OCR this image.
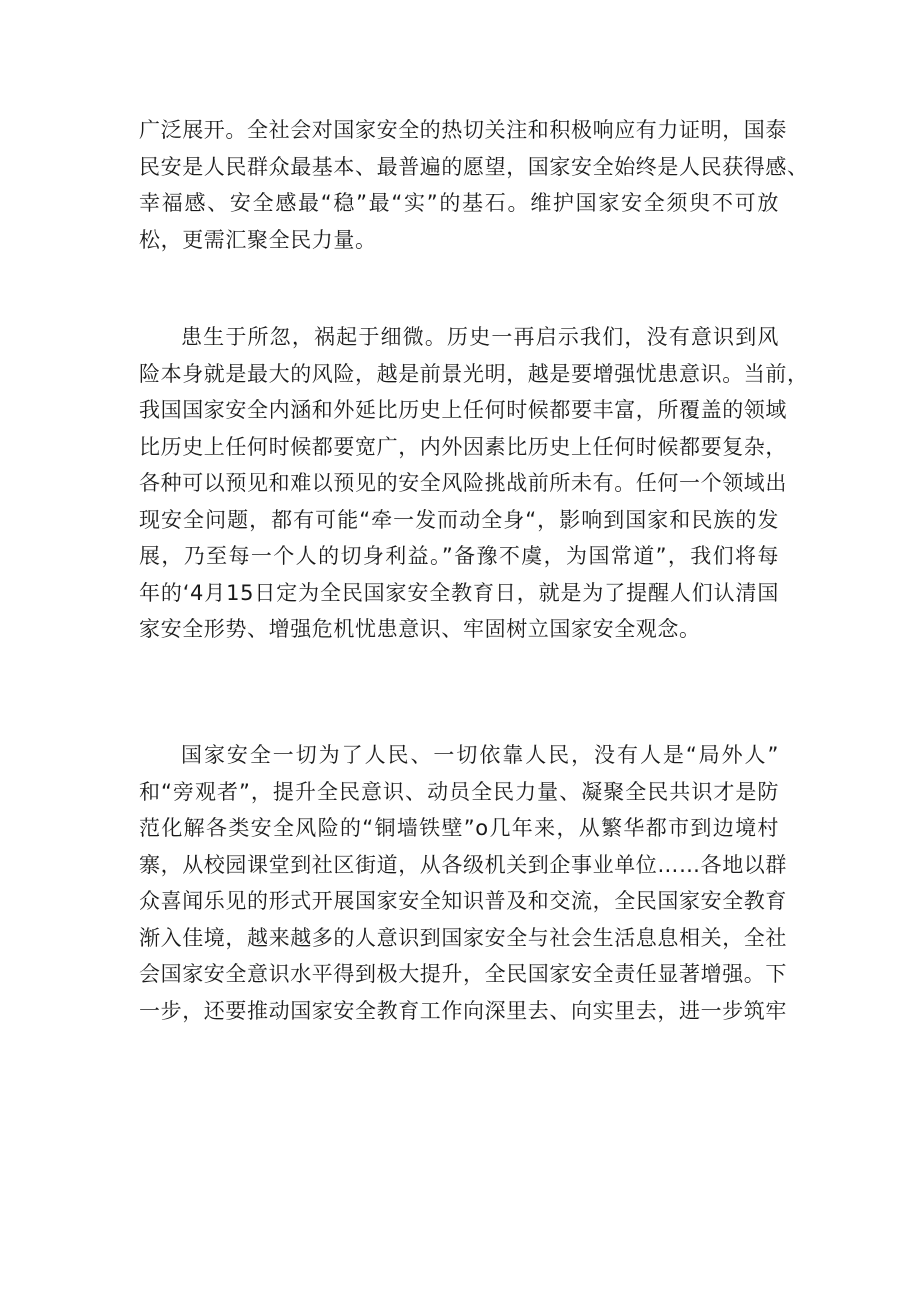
广泛展开。全社会对国家安全的热切关注和积极响应有力证明，国泰
民安是人民群众最基本、最普遍的愿望，国家安全始终是人民获得感、
幸福感、安全感最“稳”最“实”的基石。维护国家安全须臾不可放
松，更需汇聚全民力量。
患生于所忽，祸起于细微。历史一再启示我们，没有意识到风
险本身就是最大的风险，越是前景光明，越是要增强忧患意识。当前，
我国国家安全内涵和外延比历史上任何时候都要丰富，所覆盖的领域
比历史上任何时候都要宽广，内外因素比历史上任何时候都要复杂，
各种可以预见和难以预见的安全风险挑战前所未有。任何一个领域出
现安全问题，都有可能“牵一发而动全身“，影响到国家和民族的发
展，乃至每一个人的切身利益。”备豫不虞，为国常道”，我们将每
年的‘4月15日定为全民国家安全教育日，就是为了提醒人们认清国
家安全形势、增强危机忧患意识、牢固树立国家安全观念。
国家安全一切为了人民、一切依靠人民，没有人是“局外人”
和“旁观者”，提升全民意识、动员全民力量、凝聚全民共识才是防
范化解各类安全风险的“铜墙铁壁”o几年来，从繁华都市到边境村
寨，从校园课堂到社区街道，从各级机关到企事业单位……各地以群
众喜闻乐见的形式开展国家安全知识普及和交流，全民国家安全教育
渐入佳境，越来越多的人意识到国家安全与社会生活息息相关，全社
会国家安全意识水平得到极大提升，全民国家安全责任显著增强。下
一步，还要推动国家安全教育工作向深里去、向实里去，进一步筑牢
